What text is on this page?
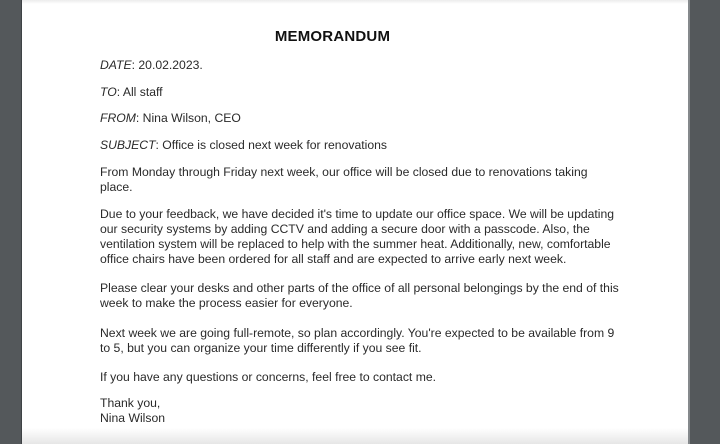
MEMORANDUM
DATE: 20.02.2023.
TO: All staff
FROM: Nina Wilson, CEO
SUBJECT: Office is closed next week for renovations
From Monday through Friday next week, our office will be closed due to renovations taking
place.
Due to your feedback, we have decided it's time to update our office space. We will be updating
our security systems by adding CCTV and adding a secure door with a passcode. Also, the
ventilation system will be replaced to help with the summer heat. Additionally, new, comfortable
office chairs have been ordered for all staff and are expected to arrive early next week.
Please clear your desks and other parts of the office of all personal belongings by the end of this
week to make the process easier for everyone.
Next week we are going full-remote, so plan accordingly. You're expected to be available from 9
to 5, but you can organize your time differently if you see fit.
If you have any questions or concerns, feel free to contact me.
Thank you,
Nina Wilson
